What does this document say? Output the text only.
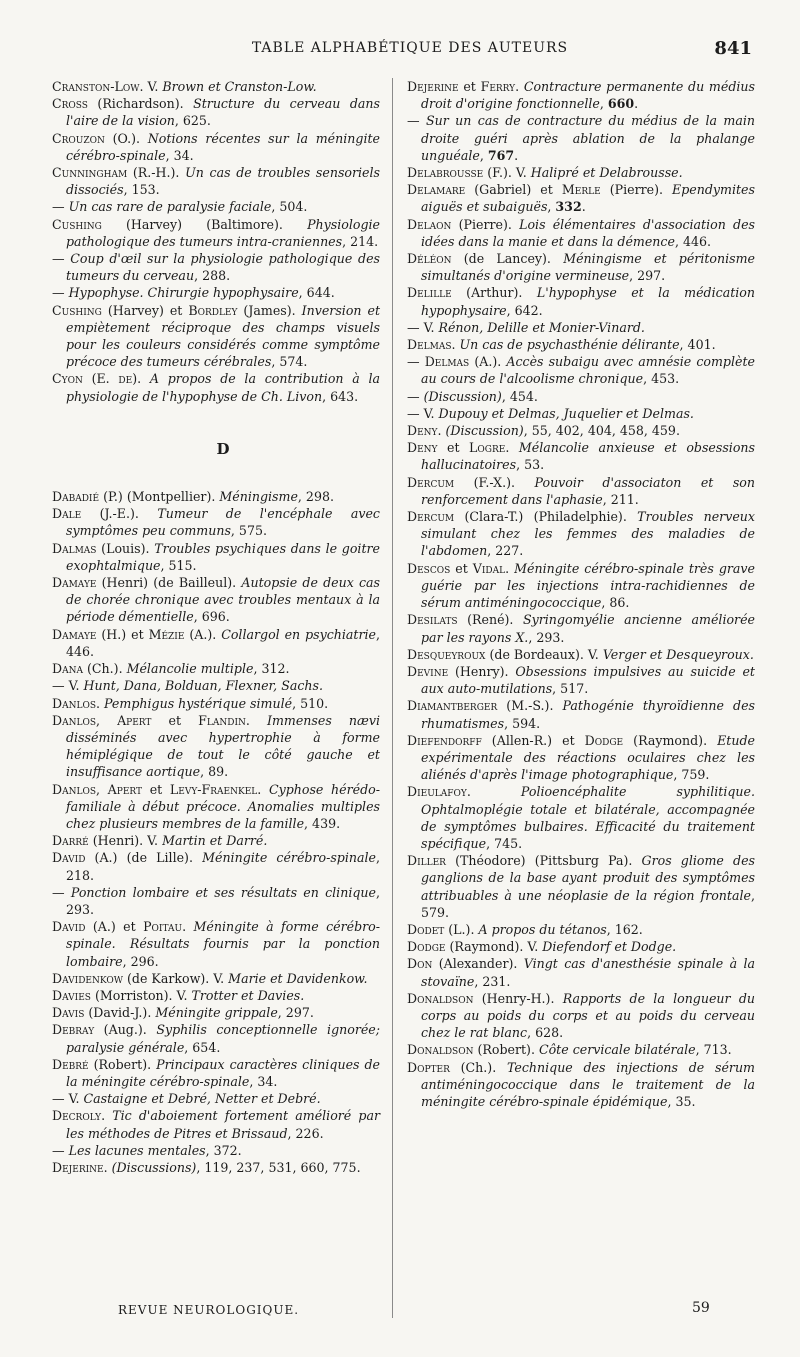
TABLE ALPHABÉTIQUE DES AUTEURS	841

Cranston-Low. V. Brown et Cranston-Low.

Cross (Richardson). Structure du cerveau dans l'aire de la vision, 625.

Crouzon (O.). Notions récentes sur la méningite cérébro-spinale, 34.

Cunningham (R.-H.). Un cas de troubles sensoriels dissociés, 153.

— Un cas rare de paralysie faciale, 504.

Cushing (Harvey) (Baltimore). Physiologie pathologique des tumeurs intra-craniennes, 214.

— Coup d'œil sur la physiologie pathologique des tumeurs du cerveau, 288.

— Hypophyse. Chirurgie hypophysaire, 644.

Cushing (Harvey) et Bordley (James). Inversion et empiètement réciproque des champs visuels pour les couleurs considérés comme symptôme précoce des tumeurs cérébrales, 574.

Cyon (E. de). A propos de la contribution à la physiologie de l'hypophyse de Ch. Livon, 643.

D

Dabadié (P.) (Montpellier). Méningisme, 298.

Dale (J.-E.). Tumeur de l'encéphale avec symptômes peu communs, 575.

Dalmas (Louis). Troubles psychiques dans le goitre exophtalmique, 515.

Damaye (Henri) (de Bailleul). Autopsie de deux cas de chorée chronique avec troubles mentaux à la période démentielle, 696.

Damaye (H.) et Mézie (A.). Collargol en psychiatrie, 446.

Dana (Ch.). Mélancolie multiple, 312.

— V. Hunt, Dana, Bolduan, Flexner, Sachs.

Danlos. Pemphigus hystérique simulé, 510.

Danlos, Apert et Flandin. Immenses nævi disséminés avec hypertrophie à forme hémiplégique de tout le côté gauche et insuffisance aortique, 89.

Danlos, Apert et Levy-Fraenkel. Cyphose hérédo-familiale à début précoce. Anomalies multiples chez plusieurs membres de la famille, 439.

Darré (Henri). V. Martin et Darré.

David (A.) (de Lille). Méningite cérébro-spinale, 218.

— Ponction lombaire et ses résultats en clinique, 293.

David (A.) et Poitau. Méningite à forme cérébro-spinale. Résultats fournis par la ponction lombaire, 296.

Davidenkow (de Karkow). V. Marie et Davidenkow.

Davies (Morriston). V. Trotter et Davies.

Davis (David-J.). Méningite grippale, 297.

Debray (Aug.). Syphilis conceptionnelle ignorée; paralysie générale, 654.

Debré (Robert). Principaux caractères cliniques de la méningite cérébro-spinale, 34.

— V. Castaigne et Debré, Netter et Debré.

Decroly. Tic d'aboiement fortement amélioré par les méthodes de Pitres et Brissaud, 226.

— Les lacunes mentales, 372.

Dejerine. (Discussions), 119, 237, 531, 660, 775.

Dejerine et Ferry. Contracture permanente du médius droit d'origine fonctionnelle, 660.

— Sur un cas de contracture du médius de la main droite guéri après ablation de la phalange unguéale, 767.

Delabrousse (F.). V. Halipré et Delabrousse.

Delamare (Gabriel) et Merle (Pierre). Ependymites aiguës et subaiguës, 332.

Delaon (Pierre). Lois élémentaires d'association des idées dans la manie et dans la démence, 446.

Déléon (de Lancey). Méningisme et péritonisme simultanés d'origine vermineuse, 297.

Delille (Arthur). L'hypophyse et la médication hypophysaire, 642.

— V. Rénon, Delille et Monier-Vinard.

Delmas. Un cas de psychasthénie délirante, 401.

— Delmas (A.). Accès subaigu avec amnésie complète au cours de l'alcoolisme chronique, 453.

— (Discussion), 454.

— V. Dupouy et Delmas, Juquelier et Delmas.

Deny. (Discussion), 55, 402, 404, 458, 459.

Deny et Logre. Mélancolie anxieuse et obsessions hallucinatoires, 53.

Dercum (F.-X.). Pouvoir d'associaton et son renforcement dans l'aphasie, 211.

Dercum (Clara-T.) (Philadelphie). Troubles nerveux simulant chez les femmes des maladies de l'abdomen, 227.

Descos et Vidal. Méningite cérébro-spinale très grave guérie par les injections intra-rachidiennes de sérum antiméningococcique, 86.

Desilats (René). Syringomyélie ancienne améliorée par les rayons X., 293.

Desqueyroux (de Bordeaux). V. Verger et Desqueyroux.

Devine (Henry). Obsessions impulsives au suicide et aux auto-mutilations, 517.

Diamantberger (M.-S.). Pathogénie thyroïdienne des rhumatismes, 594.

Diefendorff (Allen-R.) et Dodge (Raymond). Etude expérimentale des réactions oculaires chez les aliénés d'après l'image photographique, 759.

Dieulafoy. Polioencéphalite syphilitique. Ophtalmoplégie totale et bilatérale, accompagnée de symptômes bulbaires. Efficacité du traitement spécifique, 745.

Diller (Théodore) (Pittsburg Pa). Gros gliome des ganglions de la base ayant produit des symptômes attribuables à une néoplasie de la région frontale, 579.

Dodet (L.). A propos du tétanos, 162.

Dodge (Raymond). V. Diefendorf et Dodge.

Don (Alexander). Vingt cas d'anesthésie spinale à la stovaïne, 231.

Donaldson (Henry-H.). Rapports de la longueur du corps au poids du corps et au poids du cerveau chez le rat blanc, 628.

Donaldson (Robert). Côte cervicale bilatérale, 713.

Dopter (Ch.). Technique des injections de sérum antiméningococcique dans le traitement de la méningite cérébro-spinale épidémique, 35.

REVUE NEUROLOGIQUE.	59
